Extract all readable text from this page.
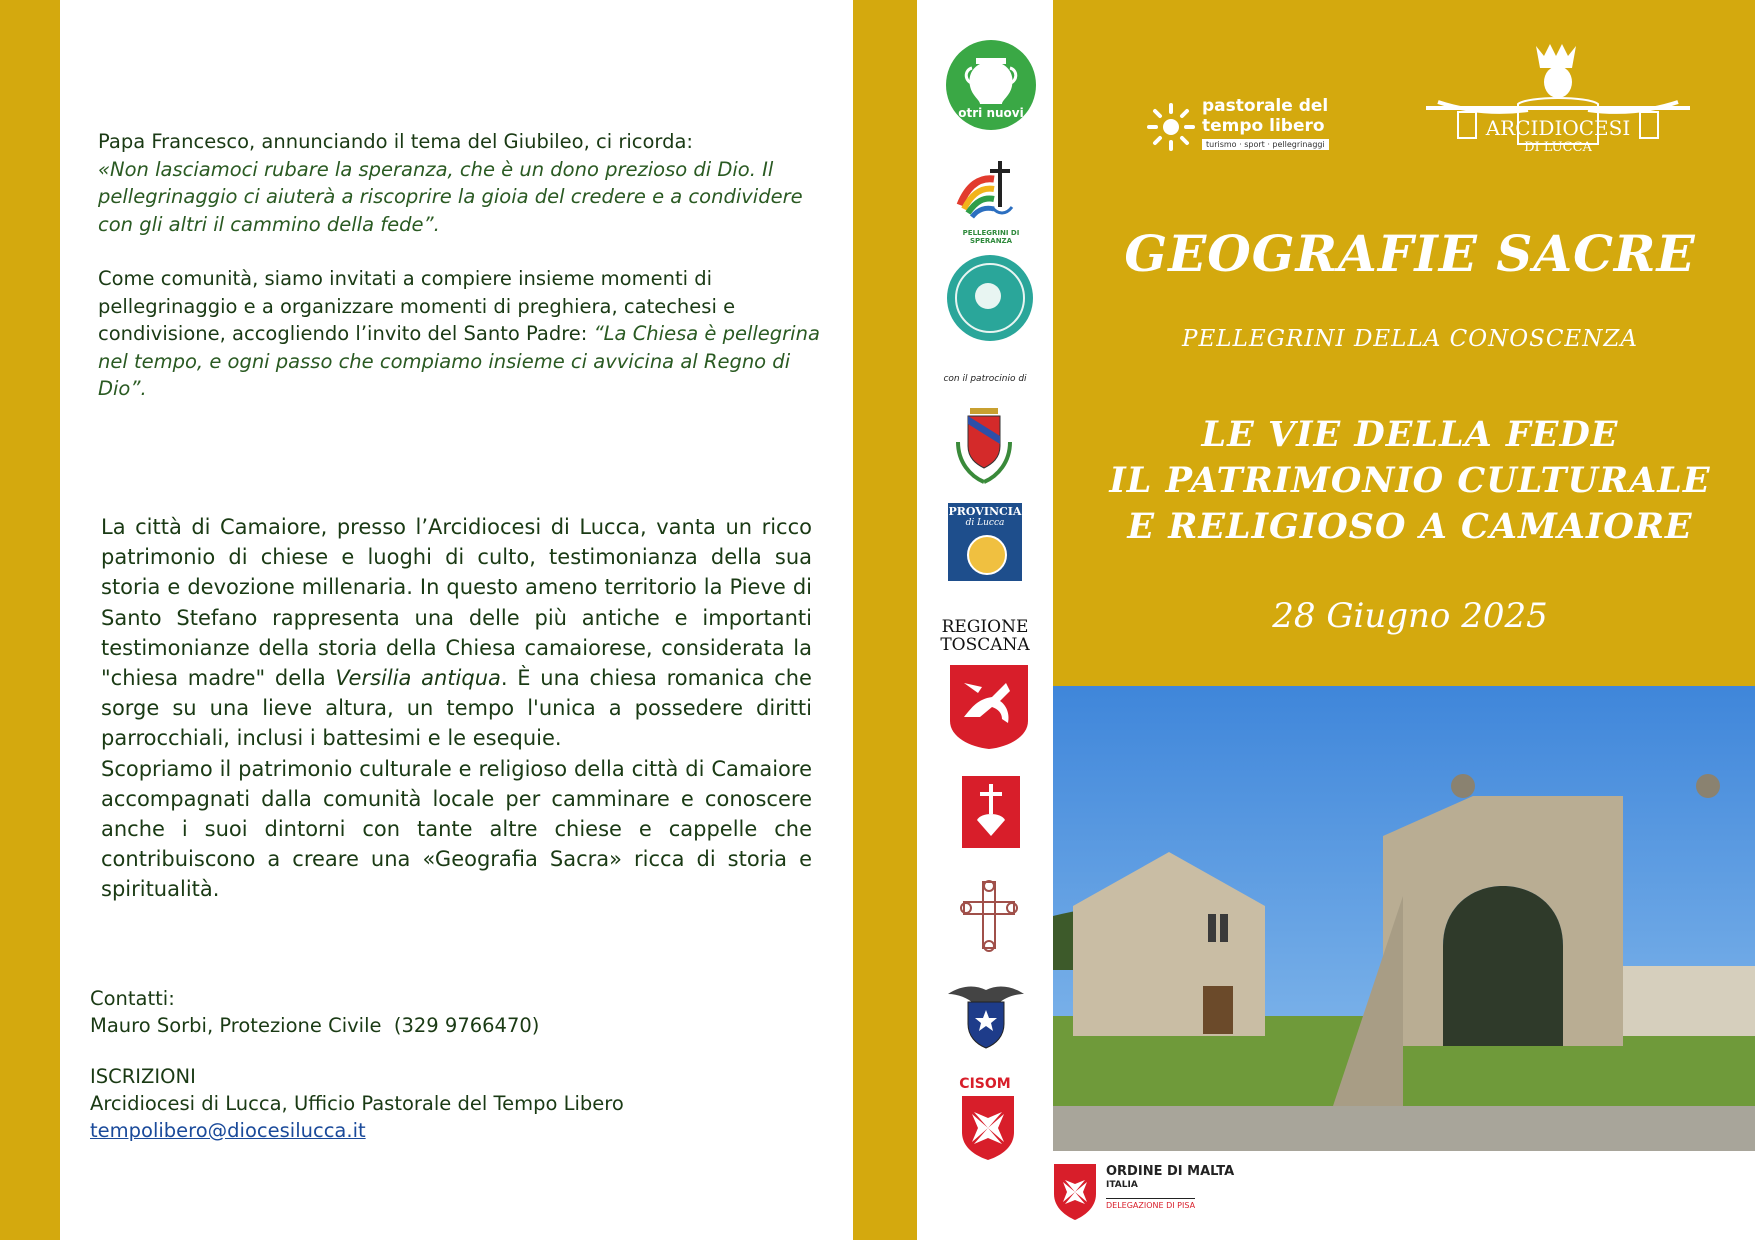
Papa Francesco, annunciando il tema del Giubileo, ci ricorda:
«Non lasciamoci rubare la speranza, che è un dono prezioso di Dio. Il pellegrinaggio ci aiuterà a riscoprire la gioia del credere e a condividere con gli altri il cammino della fede”.

Come comunità, siamo invitati a compiere insieme momenti di pellegrinaggio e a organizzare momenti di preghiera, catechesi e condivisione, accogliendo l’invito del Santo Padre: “La Chiesa è pellegrina nel tempo, e ogni passo che compiamo insieme ci avvicina al Regno di Dio”.

La città di Camaiore, presso l’Arcidiocesi di Lucca, vanta un ricco patrimonio di chiese e luoghi di culto, testimonianza della sua storia e devozione millenaria. In questo ameno territorio la Pieve di Santo Stefano rappresenta una delle più antiche e importanti testimonianze della storia della Chiesa camaiorese, considerata la "chiesa madre" della Versilia antiqua. È una chiesa romanica che sorge su una lieve altura, un tempo l'unica a possedere diritti parrocchiali, inclusi i battesimi e le esequie.
Scopriamo il patrimonio culturale e religioso della città di Camaiore accompagnati dalla comunità locale per camminare e conoscere anche i suoi dintorni con tante altre chiese e cappelle che contribuiscono a creare una «Geografia Sacra» ricca di storia e spiritualità.
Contatti:
Mauro Sorbi, Protezione Civile  (329 9766470)
ISCRIZIONI
Arcidiocesi di Lucca, Ufficio Pastorale del Tempo Libero
tempolibero@diocesilucca.it
otri nuovi
PELLEGRINI DI SPERANZA
con il patrocinio di
PROVINCIA
di Lucca
REGIONE
TOSCANA
CISOM
pastorale del
tempo libero
turismo · sport · pellegrinaggi
ARCIDIOCESI
DI LUCCA
GEOGRAFIE SACRE
PELLEGRINI DELLA CONOSCENZA
LE VIE DELLA FEDE
IL PATRIMONIO CULTURALE
E RELIGIOSO A CAMAIORE
28 Giugno 2025
ORDINE DI MALTA
ITALIA
DELEGAZIONE DI PISA
